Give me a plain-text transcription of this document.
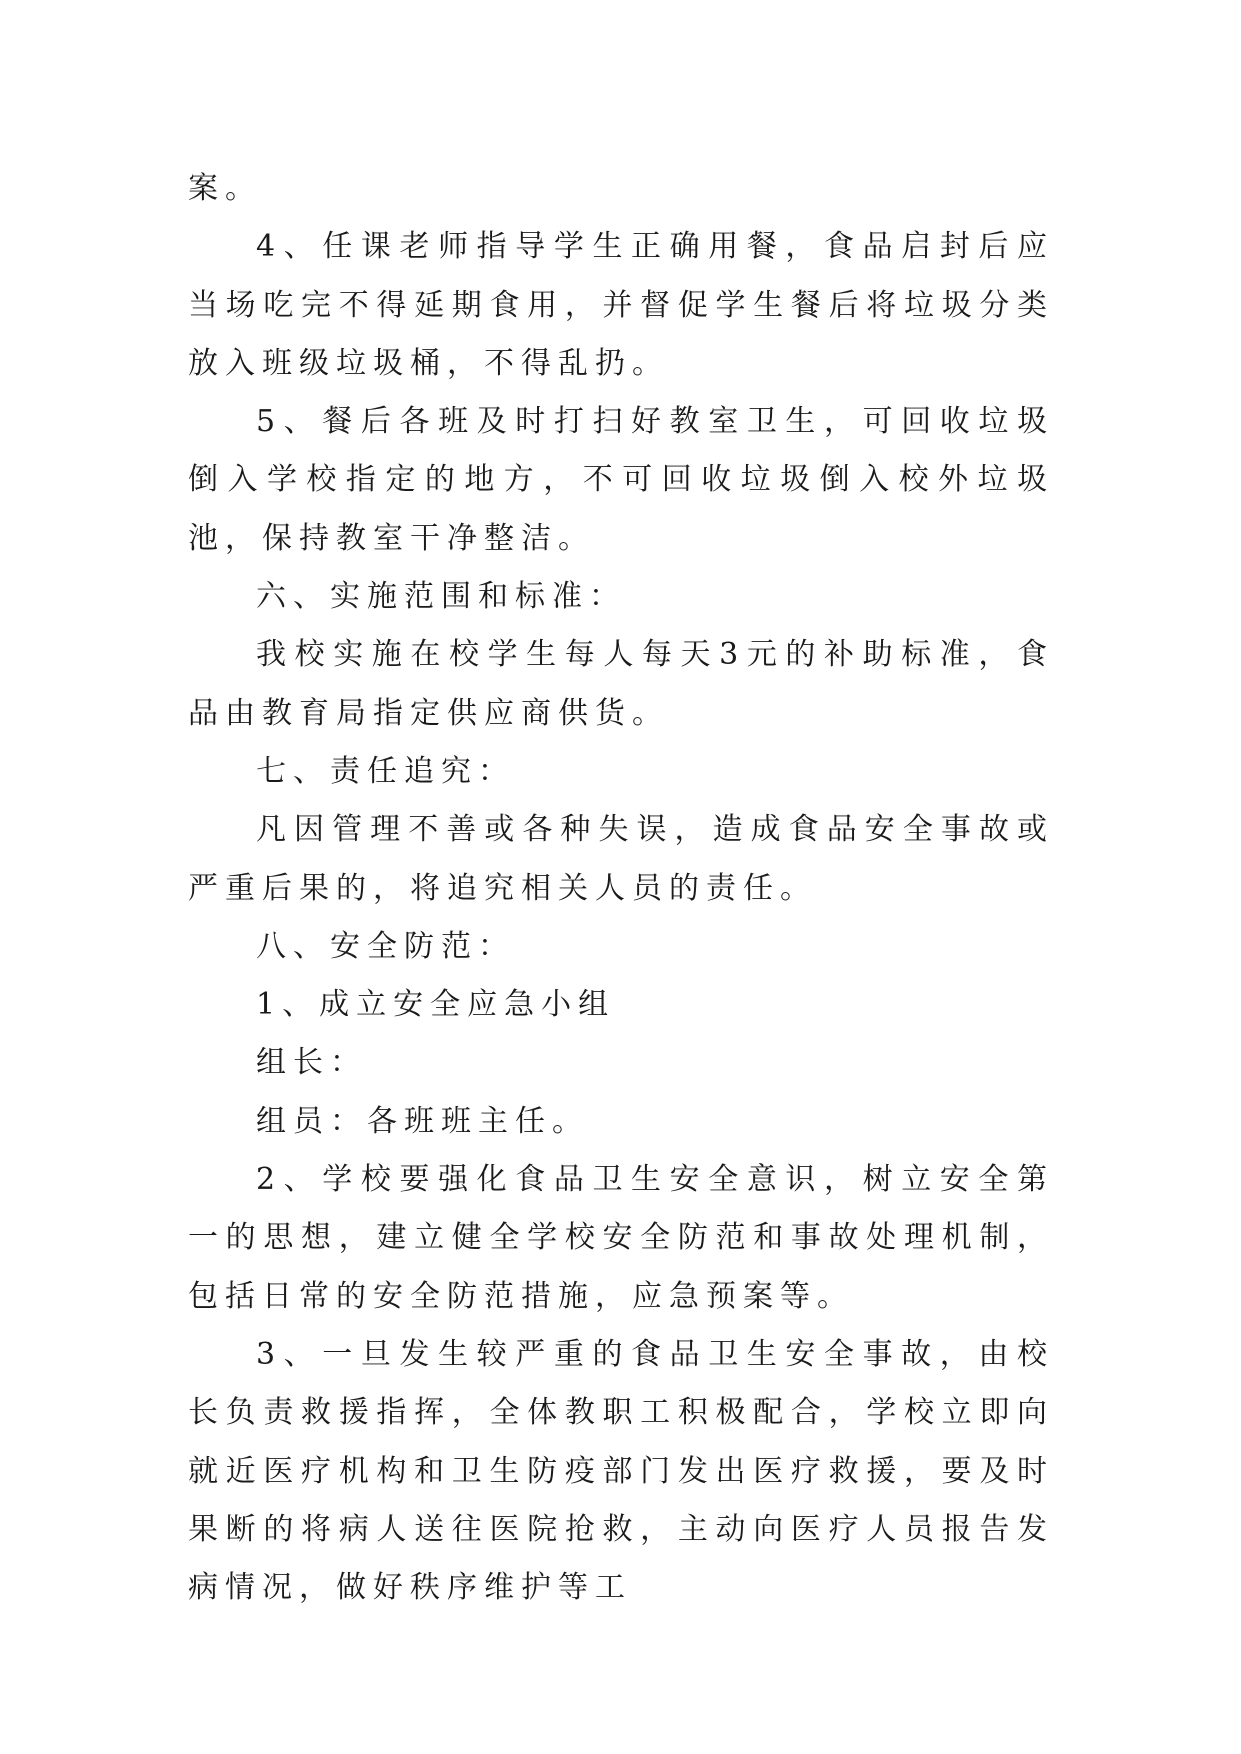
案。

4、任课老师指导学生正确用餐，食品启封后应当场吃完不得延期食用，并督促学生餐后将垃圾分类放入班级垃圾桶，不得乱扔。

5、餐后各班及时打扫好教室卫生，可回收垃圾倒入学校指定的地方，不可回收垃圾倒入校外垃圾池，保持教室干净整洁。

六、实施范围和标准：

我校实施在校学生每人每天3元的补助标准，食品由教育局指定供应商供货。

七、责任追究：

凡因管理不善或各种失误，造成食品安全事故或严重后果的，将追究相关人员的责任。

八、安全防范：

1、成立安全应急小组

组长：

组员：各班班主任。

2、学校要强化食品卫生安全意识，树立安全第一的思想，建立健全学校安全防范和事故处理机制，包括日常的安全防范措施，应急预案等。

3、一旦发生较严重的食品卫生安全事故，由校长负责救援指挥，全体教职工积极配合，学校立即向就近医疗机构和卫生防疫部门发出医疗救援，要及时果断的将病人送往医院抢救，主动向医疗人员报告发病情况，做好秩序维护等工
